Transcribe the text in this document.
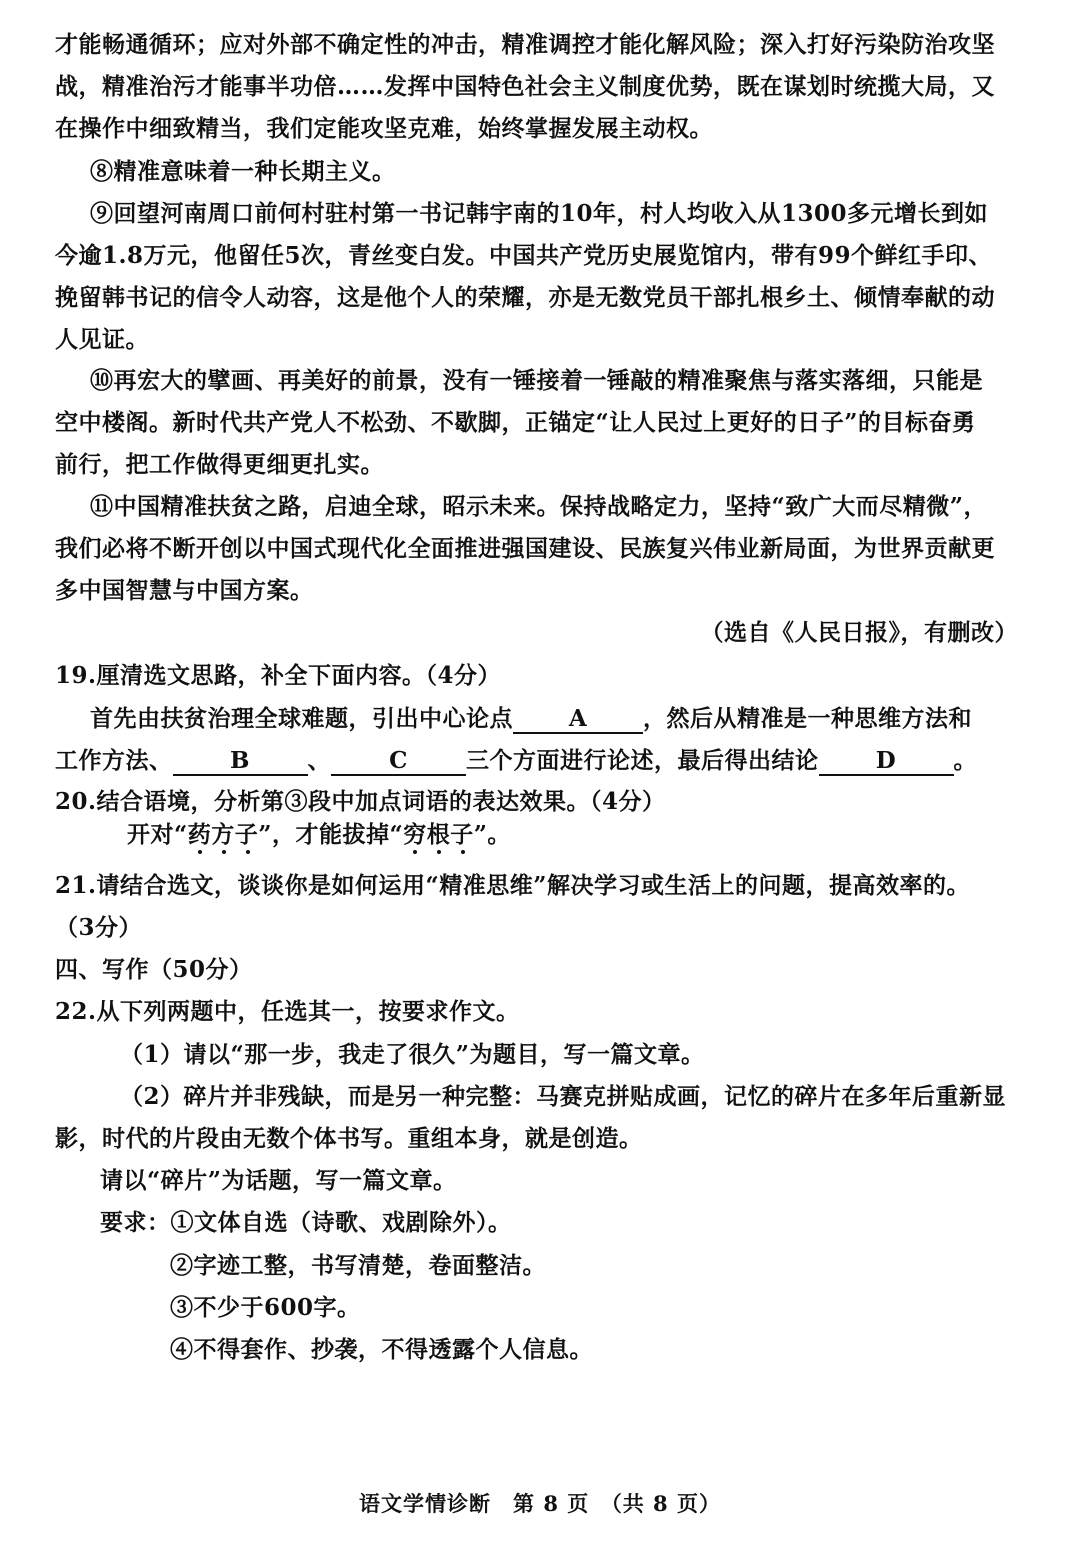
才能畅通循环；应对外部不确定性的冲击，精准调控才能化解风险；深入打好污染防治攻坚
战，精准治污才能事半功倍……发挥中国特色社会主义制度优势，既在谋划时统揽大局，又
在操作中细致精当，我们定能攻坚克难，始终掌握发展主动权。
⑧精准意味着一种长期主义。
⑨回望河南周口前何村驻村第一书记韩宇南的10年，村人均收入从1300多元增长到如
今逾1.8万元，他留任5次，青丝变白发。中国共产党历史展览馆内，带有99个鲜红手印、
挽留韩书记的信令人动容，这是他个人的荣耀，亦是无数党员干部扎根乡土、倾情奉献的动
人见证。
⑩再宏大的擘画、再美好的前景，没有一锤接着一锤敲的精准聚焦与落实落细，只能是
空中楼阁。新时代共产党人不松劲、不歇脚，正锚定“让人民过上更好的日子”的目标奋勇
前行，把工作做得更细更扎实。
⑪中国精准扶贫之路，启迪全球，昭示未来。保持战略定力，坚持“致广大而尽精微”，
我们必将不断开创以中国式现代化全面推进强国建设、民族复兴伟业新局面，为世界贡献更
多中国智慧与中国方案。
（选自《人民日报》，有删改）
19.厘清选文思路，补全下面内容。（4分）
首先由扶贫治理全球难题，引出中心论点 A ，然后从精准是一种思维方法和
工作方法、	B	、	C	三个方面进行论述，最后得出结论 D 。
20.结合语境，分析第③段中加点词语的表达效果。（4分）
开对“药方子
”，才能拔掉“穷根子
”。
21.请结合选文，谈谈你是如何运用“精准思维”解决学习或生活上的问题，提高效率的。
（3分）
四、写作（50分）
22.从下列两题中，任选其一，按要求作文。
（1）请以“那一步，我走了很久”为题目，写一篇文章。
（2）碎片并非残缺，而是另一种完整：马赛克拼贴成画，记忆的碎片在多年后重新显
影，时代的片段由无数个体书写。重组本身，就是创造。
请以“碎片”为话题，写一篇文章。
要求：①文体自选（诗歌、戏剧除外）。
②字迹工整，书写清楚，卷面整洁。
③不少于600字。
④不得套作、抄袭，不得透露个人信息。
语文学情诊断　第 8 页　（共 8 页）
